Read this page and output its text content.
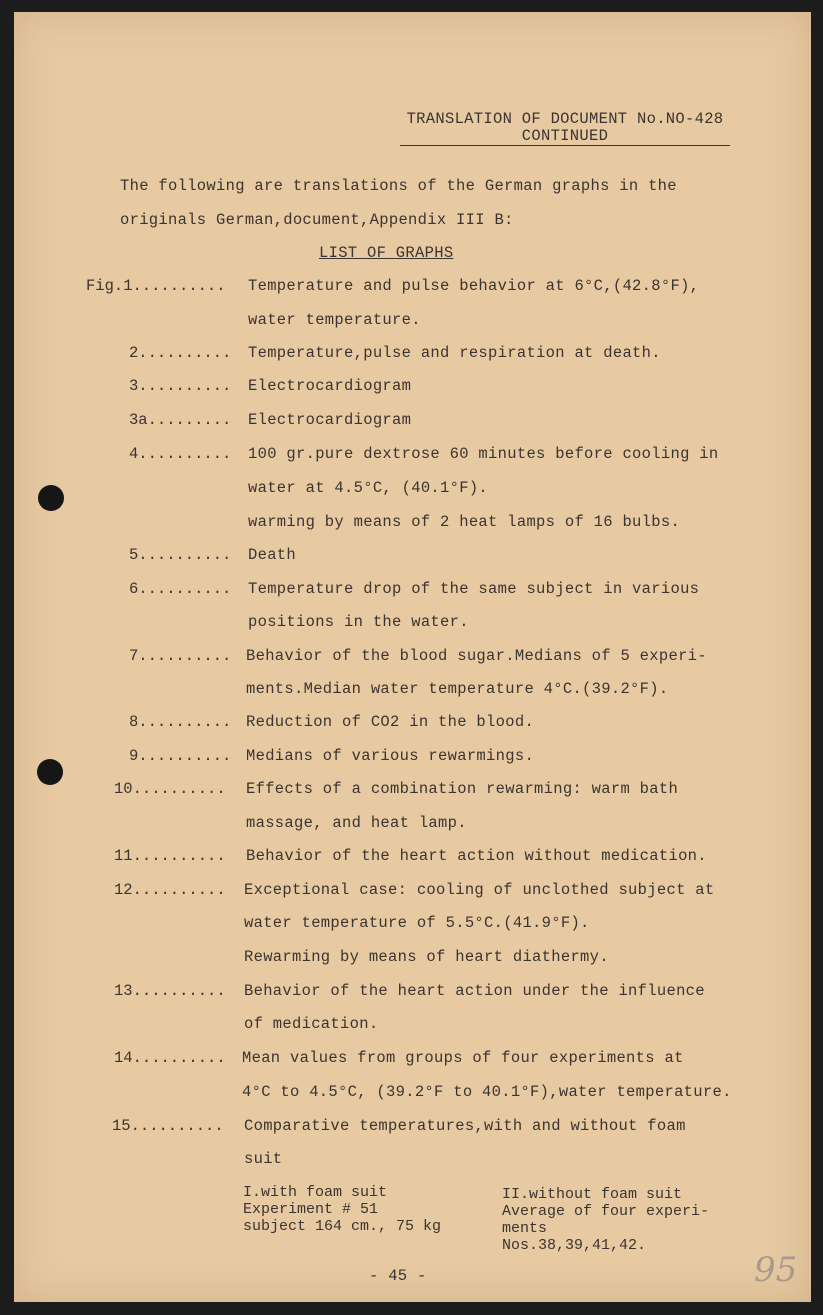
TRANSLATION OF DOCUMENT No.NO-428
CONTINUED
The following are translations of the German graphs in the
originals German,document,Appendix III B:
LIST OF GRAPHS
Fig.1.......... Temperature and pulse behavior at 6°C,(42.8°F),
water temperature.
2.......... Temperature,pulse and respiration at death.
3.......... Electrocardiogram
3a......... Electrocardiogram
4.......... 100 gr.pure dextrose 60 minutes before cooling in
water at 4.5°C, (40.1°F).
warming by means of 2 heat lamps of 16 bulbs.
5.......... Death
6.......... Temperature drop of the same subject in various
positions in the water.
7.......... Behavior of the blood sugar.Medians of 5 experi-
ments.Median water temperature 4°C.(39.2°F).
8.......... Reduction of CO2 in the blood.
9.......... Medians of various rewarmings.
10.......... Effects of a combination rewarming: warm bath
massage, and heat lamp.
11.......... Behavior of the heart action without medication.
12.......... Exceptional case: cooling of unclothed subject at
water temperature of 5.5°C.(41.9°F).
Rewarming by means of heart diathermy.
13.......... Behavior of the heart action under the influence
of medication.
14.......... Mean values from groups of four experiments at
4°C to 4.5°C, (39.2°F to 40.1°F),water temperature.
15.......... Comparative temperatures,with and without foam
suit
I.with foam suit
Experiment # 51
subject 164 cm., 75 kg
II.without foam suit
Average of four experi-
ments
Nos.38,39,41,42.
- 45 -	95
